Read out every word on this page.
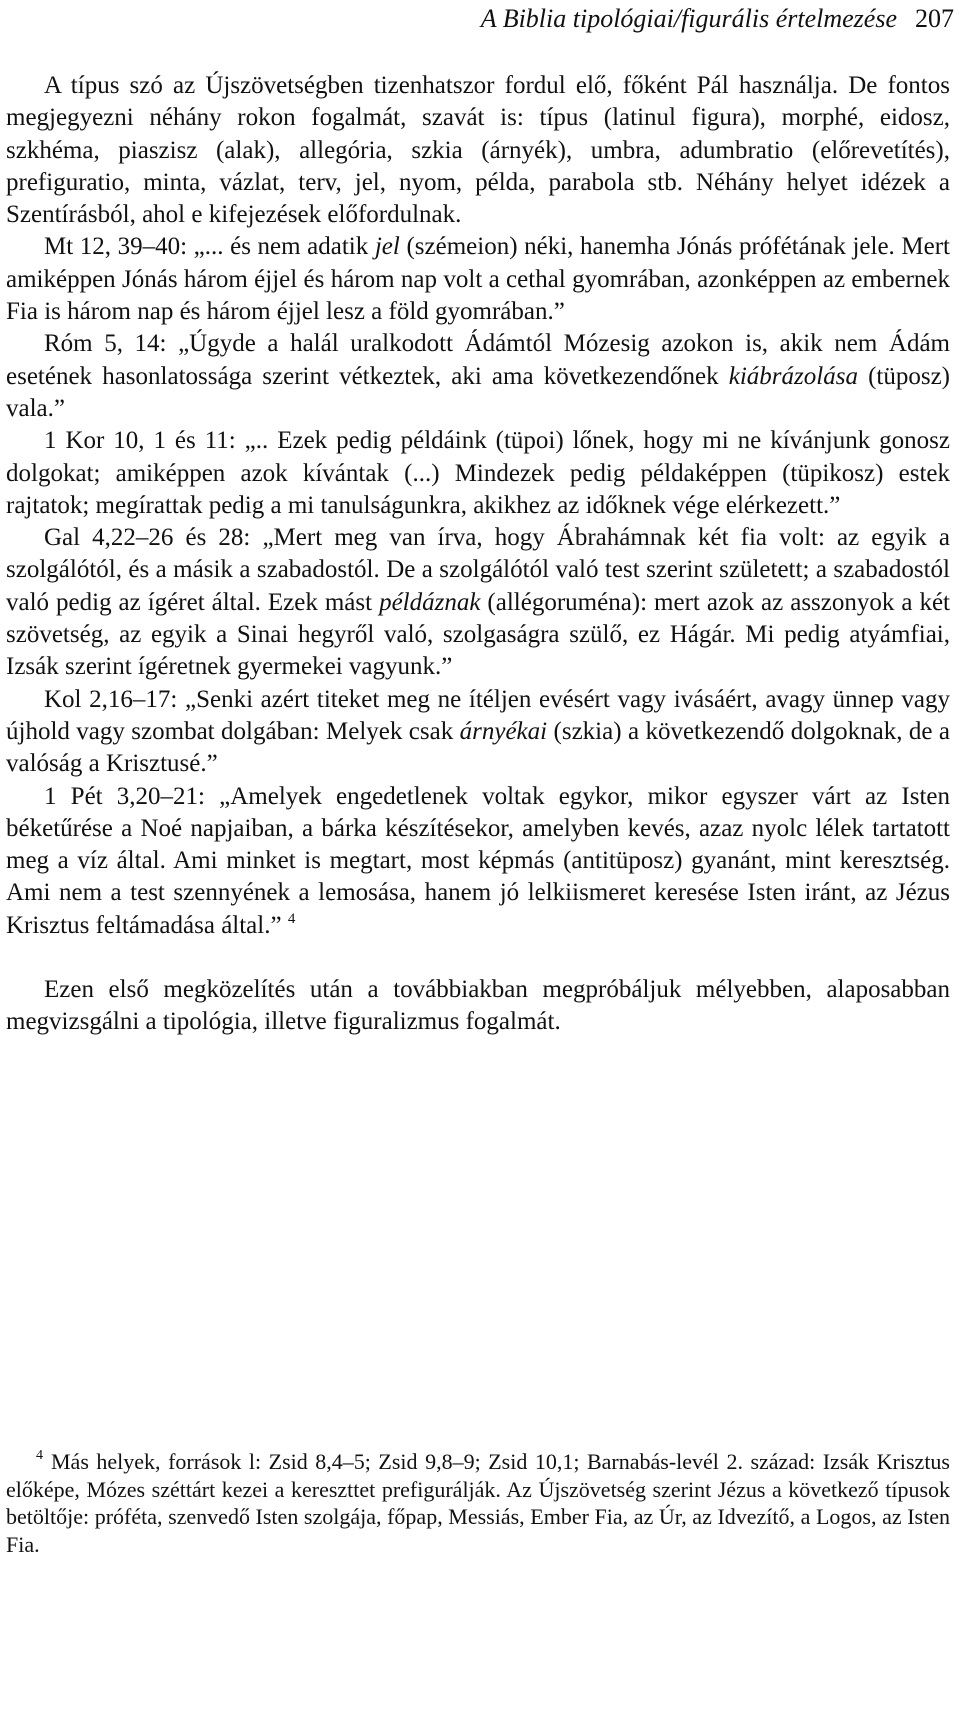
A Biblia tipológiai/figurális értelmezése 207

A típus szó az Újszövetségben tizenhatszor fordul elő, főként Pál használja. De fontos megjegyezni néhány rokon fogalmát, szavát is: típus (latinul figura), morphé, eidosz, szkhéma, piaszisz (alak), allegória, szkia (árnyék), umbra, adumbratio (előrevetítés), prefiguratio, minta, vázlat, terv, jel, nyom, példa, parabola stb. Néhány helyet idézek a Szentírásból, ahol e kifejezések előfordulnak.

Mt 12, 39–40: „... és nem adatik jel (szémeion) néki, hanemha Jónás prófétának jele. Mert amiképpen Jónás három éjjel és három nap volt a cethal gyomrában, azonképpen az embernek Fia is három nap és három éjjel lesz a föld gyomrában.”

Róm 5, 14: „Úgyde a halál uralkodott Ádámtól Mózesig azokon is, akik nem Ádám esetének hasonlatossága szerint vétkeztek, aki ama következendőnek kiábrázolása (tüposz) vala.”

1 Kor 10, 1 és 11: „.. Ezek pedig példáink (tüpoi) lőnek, hogy mi ne kívánjunk gonosz dolgokat; amiképpen azok kívántak (...) Mindezek pedig példaképpen (tüpikosz) estek rajtatok; megírattak pedig a mi tanulságunkra, akikhez az időknek vége elérkezett.”

Gal 4,22–26 és 28: „Mert meg van írva, hogy Ábrahámnak két fia volt: az egyik a szolgálótól, és a másik a szabadostól. De a szolgálótól való test szerint született; a szabadostól való pedig az ígéret által. Ezek mást példáznak (allégoruména): mert azok az asszonyok a két szövetség, az egyik a Sinai hegyről való, szolgaságra szülő, ez Hágár. Mi pedig atyámfiai, Izsák szerint ígéretnek gyermekei vagyunk.”

Kol 2,16–17: „Senki azért titeket meg ne ítéljen evésért vagy ivásáért, avagy ünnep vagy újhold vagy szombat dolgában: Melyek csak árnyékai (szkia) a következendő dolgoknak, de a valóság a Krisztusé.”

1 Pét 3,20–21: „Amelyek engedetlenek voltak egykor, mikor egyszer várt az Isten béketűrése a Noé napjaiban, a bárka készítésekor, amelyben kevés, azaz nyolc lélek tartatott meg a víz által. Ami minket is megtart, most képmás (antitüposz) gyanánt, mint keresztség. Ami nem a test szennyének a lemosása, hanem jó lelkiismeret keresése Isten iránt, az Jézus Krisztus feltámadása által.” $^4$

Ezen első megközelítés után a továbbiakban megpróbáljuk mélyebben, alaposabban megvizsgálni a tipológia, illetve figuralizmus fogalmát.

$^4$ Más helyek, források l: Zsid 8,4–5; Zsid 9,8–9; Zsid 10,1; Barnabás-levél 2. század: Izsák Krisztus előképe, Mózes széttárt kezei a kereszttet prefigurálják. Az Újszövetség szerint Jézus a következő típusok betöltője: próféta, szenvedő Isten szolgája, főpap, Messiás, Ember Fia, az Úr, az Idvezítő, a Logos, az Isten Fia.
